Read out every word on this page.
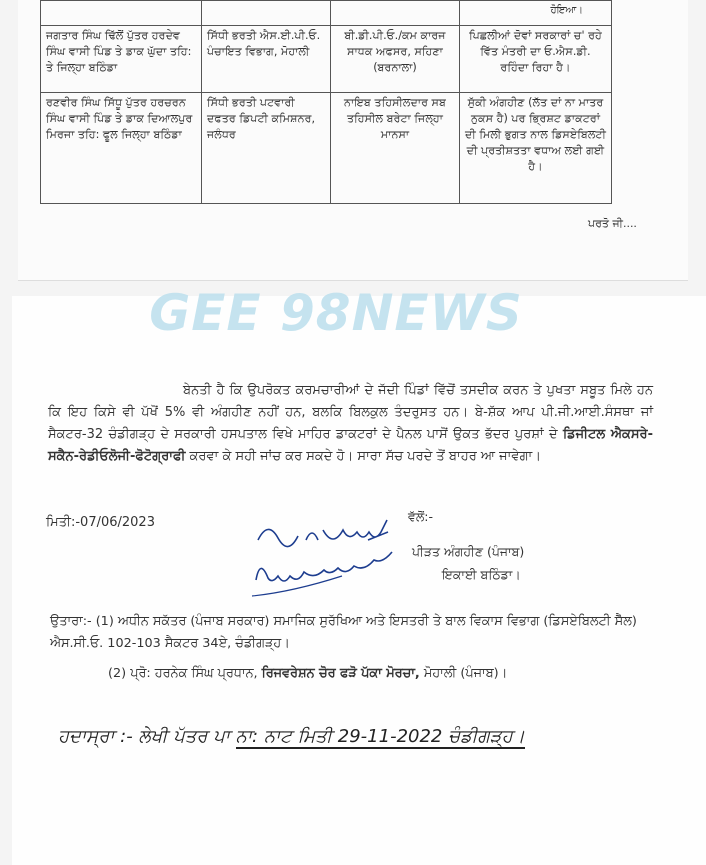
			ਹੋਇਆ।
ਜਗਤਾਰ ਸਿੰਘ ਢਿੱਲੋਂ ਪੁੱਤਰ ਹਰਦੇਵ ਸਿੰਘ ਵਾਸੀ ਪਿੰਡ ਤੇ ਡਾਕ ਘੁੱਦਾ ਤਹਿ: ਤੇ ਜਿਲ੍ਹਾ ਬਠਿੰਡਾ	ਸਿੱਧੀ ਭਰਤੀ ਐਸ.ਈ.ਪੀ.ਓ. ਪੰਚਾਇਤ ਵਿਭਾਗ, ਮੋਹਾਲੀ	ਬੀ.ਡੀ.ਪੀ.ਓ./ਕਮ ਕਾਰਜ ਸਾਧਕ ਅਫਸਰ, ਸਹਿਣਾ (ਬਰਨਾਲਾ)	ਪਿਛਲੀਆਂ ਦੋਵਾਂ ਸਰਕਾਰਾਂ ਚ' ਰਹੇ ਵਿੱਤ ਮੰਤਰੀ ਦਾ ਓ.ਐਸ.ਡੀ. ਰਹਿੰਦਾ ਰਿਹਾ ਹੈ।
ਰਣਵੀਰ ਸਿੰਘ ਸਿੱਧੂ ਪੁੱਤਰ ਹਰਚਰਨ ਸਿੰਘ ਵਾਸੀ ਪਿੰਡ ਤੇ ਡਾਕ ਦਿਆਲਪੁਰ ਮਿਰਜਾ ਤਹਿ: ਫੂਲ ਜਿਲ੍ਹਾ ਬਠਿੰਡਾ	ਸਿੱਧੀ ਭਰਤੀ ਪਟਵਾਰੀ ਦਫਤਰ ਡਿਪਟੀ ਕਮਿਸ਼ਨਰ, ਜਲੰਧਰ	ਨਾਇਬ ਤਹਿਸੀਲਦਾਰ ਸਬ ਤਹਿਸੀਲ ਬਰੇਟਾ ਜਿਲ੍ਹਾ ਮਾਨਸਾ	ਸੁੱਕੀ ਅੰਗਹੀਣ (ਲੱਤ ਦਾਂ ਨਾ ਮਾਤਰ ਨੁਕਸ ਹੈ) ਪਰ ਭ੍ਰਿਸ਼ਟ ਡਾਕਟਰਾਂ ਦੀ ਮਿਲੀ ਭੁਗਤ ਨਾਲ ਡਿਸਏਬਿਲਟੀ ਦੀ ਪ੍ਰਤੀਸ਼ਤਤਾ ਵਧਾਅ ਲਈ ਗਈ ਹੈ।
ਪਰਤੋ ਜੀ....
GEE 98NEWS

ਬੇਨਤੀ ਹੈ ਕਿ ਉਪਰੋਕਤ ਕਰਮਚਾਰੀਆਂ ਦੇ ਜੱਦੀ ਪਿੰਡਾਂ ਵਿੱਚੋਂ ਤਸਦੀਕ ਕਰਨ ਤੇ ਪੁਖਤਾ ਸਬੂਤ ਮਿਲੇ ਹਨ ਕਿ ਇਹ ਕਿਸੇ ਵੀ ਪੱਖੋਂ 5% ਵੀ ਅੰਗਹੀਣ ਨਹੀਂ ਹਨ, ਬਲਕਿ ਬਿਲਕੁਲ ਤੰਦਰੁਸਤ ਹਨ। ਬੇ-ਸ਼ੱਕ ਆਪ ਪੀ.ਜੀ.ਆਈ.ਸੰਸਥਾ ਜਾਂ ਸੈਕਟਰ-32 ਚੰਡੀਗੜ੍ਹ ਦੇ ਸਰਕਾਰੀ ਹਸਪਤਾਲ ਵਿਖੇ ਮਾਹਿਰ ਡਾਕਟਰਾਂ ਦੇ ਪੈਨਲ ਪਾਸੋਂ ਉਕਤ ਭੱਦਰ ਪੁਰਸ਼ਾਂ ਦੇ ਡਿਜੀਟਲ ਐਕਸਰੇ-ਸਕੈਨ-ਰੇਡੀਓਲੋਜੀ-ਫੋਟੋਗ੍ਰਾਫੀ ਕਰਵਾ ਕੇ ਸਹੀ ਜਾਂਚ ਕਰ ਸਕਦੇ ਹੋ। ਸਾਰਾ ਸੱਚ ਪਰਦੇ ਤੋਂ ਬਾਹਰ ਆ ਜਾਵੇਗਾ।

ਮਿਤੀ:-07/06/2023	ਵੱਲੋਂ:-
ਪੀੜਤ ਅੰਗਹੀਣ (ਪੰਜਾਬ)
ਇਕਾਈ ਬਠਿੰਡਾ।
ਉਤਾਰਾ:- (1) ਅਧੀਨ ਸਕੱਤਰ (ਪੰਜਾਬ ਸਰਕਾਰ) ਸਮਾਜਿਕ ਸੁਰੱਖਿਆ ਅਤੇ ਇਸਤਰੀ ਤੇ ਬਾਲ ਵਿਕਾਸ ਵਿਭਾਗ (ਡਿਸਏਬਿਲਟੀ ਸੈੱਲ) ਐਸ.ਸੀ.ਓ. 102-103 ਸੈਕਟਰ 34ਏ, ਚੰਡੀਗੜ੍ਹ।
(2) ਪ੍ਰੋ: ਹਰਨੇਕ ਸਿੰਘ ਪ੍ਰਧਾਨ, ਰਿਜਵਰੇਸ਼ਨ ਚੋਰ ਫੜੋ ਪੱਕਾ ਮੋਰਚਾ, ਮੋਹਾਲੀ (ਪੰਜਾਬ)।
ਹਦਾਸ੍ਰਾ :- ਲੇਖੀ ਪੱਤਰ ਪਾ ਨਾ: ਨਾਟ ਮਿਤੀ 29-11-2022 ਚੰਡੀਗੜ੍ਹ।
